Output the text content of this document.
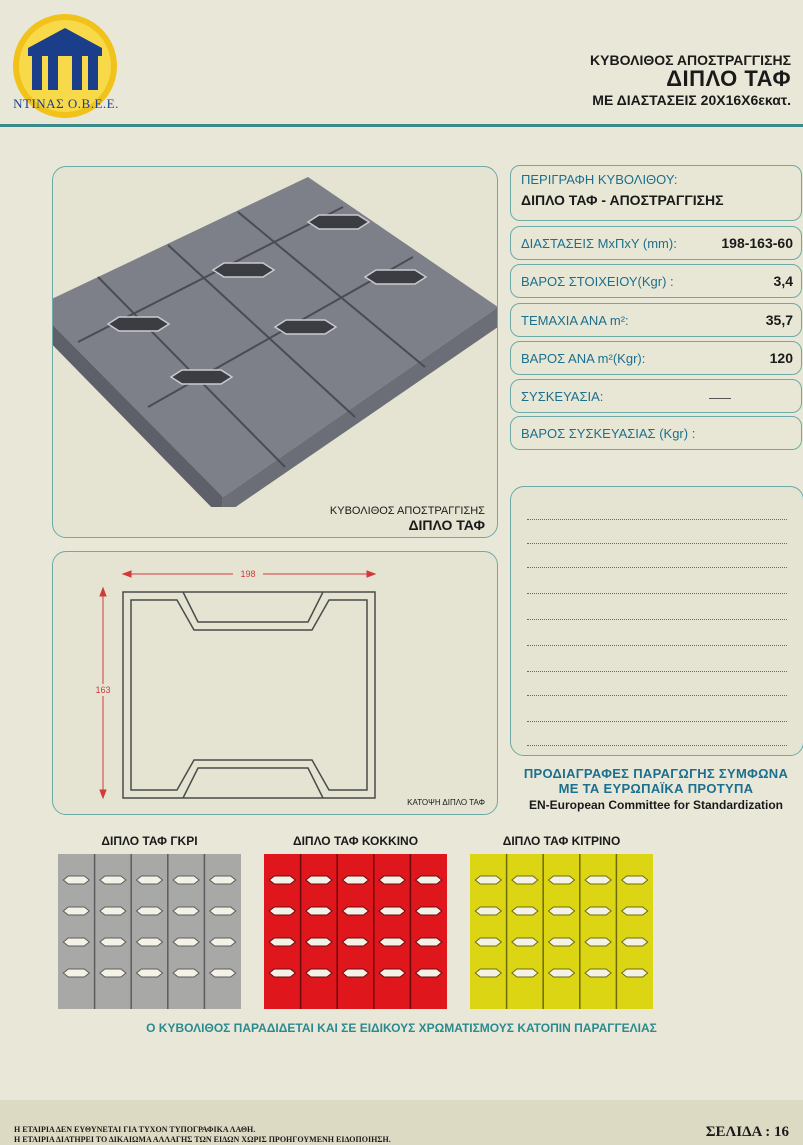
ΝΤΙΝΑΣ Ο.Β.Ε.Ε.
ΚΥΒΟΛΙΘΟΣ ΑΠΟΣΤΡΑΓΓΙΣΗΣ
ΔΙΠΛΟ ΤΑΦ
ΜΕ ΔΙΑΣΤΑΣΕΙΣ 20Χ16Χ6εκατ.
ΚΥΒΟΛΙΘΟΣ ΑΠΟΣΤΡΑΓΓΙΣΗΣ
ΔΙΠΛΟ ΤΑΦ
198
163
ΚΑΤΟΨΗ ΔΙΠΛΟ ΤΑΦ
ΠΕΡΙΓΡΑΦΗ ΚΥΒΟΛΙΘΟΥ:
ΔΙΠΛΟ ΤΑΦ - ΑΠΟΣΤΡΑΓΓΙΣΗΣ
ΔΙΑΣΤΑΣΕΙΣ ΜxΠxΥ (mm):	198-163-60
ΒΑΡΟΣ ΣΤΟΙΧΕΙΟΥ(Kgr) :	3,4
ΤΕΜΑΧΙΑ ΑΝΑ m²:	35,7
ΒΑΡΟΣ ΑΝΑ m²(Kgr):	120
ΣΥΣΚΕΥΑΣΙΑ:
ΒΑΡΟΣ ΣΥΣΚΕΥΑΣΙΑΣ (Kgr) :
ΠΡΟΔΙΑΓΡΑΦΕΣ ΠΑΡΑΓΩΓΗΣ ΣΥΜΦΩΝΑ
ΜΕ ΤΑ ΕΥΡΩΠΑΪΚΑ ΠΡΟΤΥΠΑ
EN-European Committee for Standardization
ΔΙΠΛΟ ΤΑΦ ΓΚΡΙ	ΔΙΠΛΟ ΤΑΦ ΚΟΚΚΙΝΟ	ΔΙΠΛΟ ΤΑΦ ΚΙΤΡΙΝΟ
Ο ΚΥΒΟΛΙΘΟΣ ΠΑΡΑΔΙΔΕΤΑΙ ΚΑΙ ΣΕ ΕΙΔΙΚΟΥΣ ΧΡΩΜΑΤΙΣΜΟΥΣ ΚΑΤΟΠΙΝ ΠΑΡΑΓΓΕΛΙΑΣ
Η ΕΤΑΙΡΙΑ ΔΕΝ ΕΥΘΥΝΕΤΑΙ ΓΙΑ ΤΥΧΟΝ ΤΥΠΟΓΡΑΦΙΚΑ ΛΑΘΗ.
Η ΕΤΑΙΡΙΑ ΔΙΑΤΗΡΕΙ ΤΟ ΔΙΚΑΙΩΜΑ ΑΛΛΑΓΗΣ ΤΩΝ ΕΙΔΩΝ ΧΩΡΙΣ ΠΡΟΗΓΟΥΜΕΝΗ ΕΙΔΟΠΟΙΗΣΗ.	ΣΕΛΙΔΑ : 16
